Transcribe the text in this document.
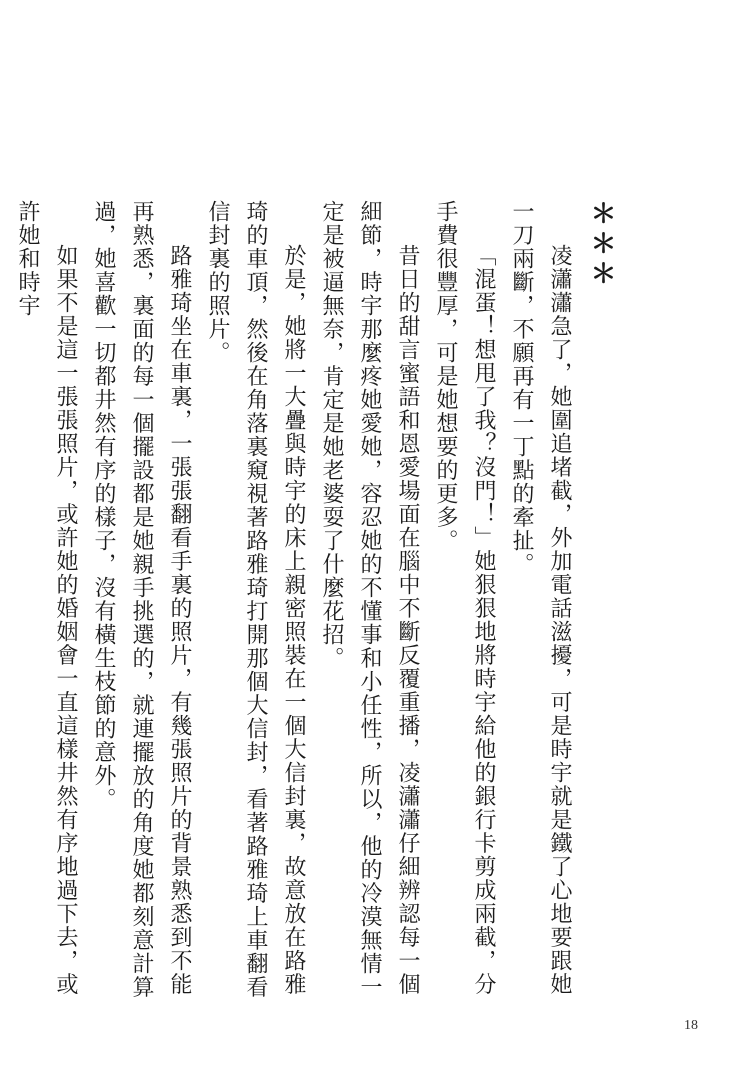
＊＊＊

凌瀟瀟急了，她圍追堵截，外加電話滋擾，可是時宇就是鐵了心地要跟她一刀兩斷，不願再有一丁點的牽扯。

「混蛋！想甩了我？沒門！」她狠狠地將時宇給他的銀行卡剪成兩截，分手費很豐厚，可是她想要的更多。

昔日的甜言蜜語和恩愛場面在腦中不斷反覆重播，凌瀟瀟仔細辨認每一個細節，時宇那麼疼她愛她，容忍她的不懂事和小任性，所以，他的冷漠無情一定是被逼無奈，肯定是她老婆耍了什麼花招。

於是，她將一大疊與時宇的床上親密照裝在一個大信封裏，故意放在路雅琦的車頂，然後在角落裏窺視著路雅琦打開那個大信封，看著路雅琦上車翻看信封裏的照片。

路雅琦坐在車裏，一張張翻看手裏的照片，有幾張照片的背景熟悉到不能再熟悉，裏面的每一個擺設都是她親手挑選的，就連擺放的角度她都刻意計算過，她喜歡一切都井然有序的樣子，沒有橫生枝節的意外。

如果不是這一張張照片，或許她的婚姻會一直這樣井然有序地過下去，或許她和時宇

18
